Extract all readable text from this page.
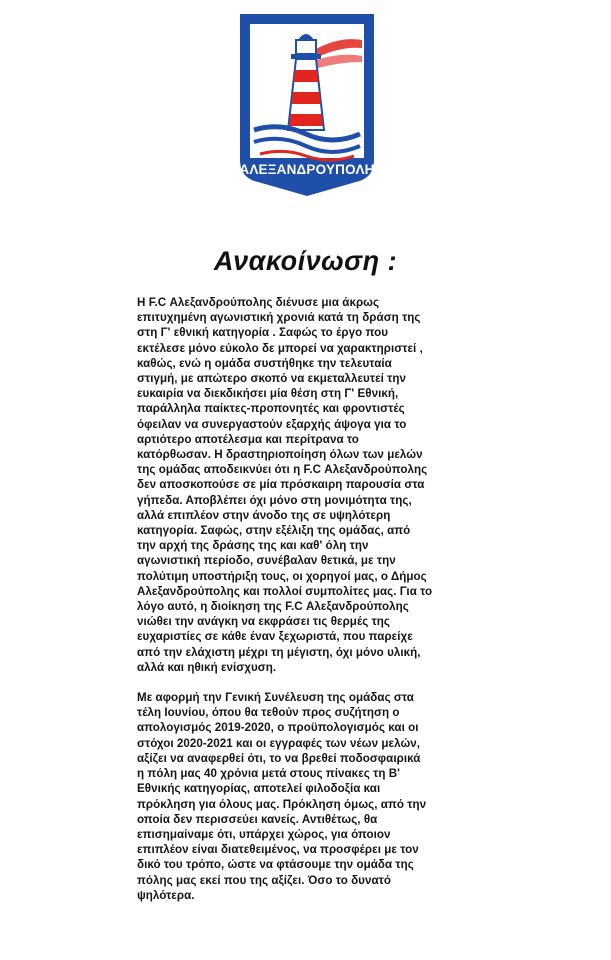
ΑΛΕΞΑΝΔΡΟΥΠΟΛΗ
Ανακοίνωση :

Η F.C Αλεξανδρούπολης διένυσε μια άκρως
επιτυχημένη αγωνιστική χρονιά κατά τη δράση της
στη Γ' εθνική κατηγορία . Σαφώς το έργο που
εκτέλεσε μόνο εύκολο δε μπορεί να χαρακτηριστεί ,
καθώς, ενώ η ομάδα συστήθηκε την τελευταία
στιγμή, με απώτερο σκοπό να εκμεταλλευτεί την
ευκαιρία να διεκδικήσει μία θέση στη Γ' Εθνική,
παράλληλα παίκτες-προπονητές και φροντιστές
όφειλαν να συνεργαστούν εξαρχής άψογα για το
αρτιότερο αποτέλεσμα και περίτρανα το
κατόρθωσαν. Η δραστηριοποίηση όλων των μελών
της ομάδας αποδεικνύει ότι η F.C Αλεξανδρούπολης
δεν αποσκοπούσε σε μία πρόσκαιρη παρουσία στα
γήπεδα. Αποβλέπει όχι μόνο στη μονιμότητα της,
αλλά επιπλέον στην άνοδο της σε υψηλότερη
κατηγορία. Σαφώς, στην εξέλιξη της ομάδας, από
την αρχή της δράσης της και καθ' όλη την
αγωνιστική περίοδο, συνέβαλαν θετικά, με την
πολύτιμη υποστήριξη τους, οι χορηγοί μας, ο Δήμος
Αλεξανδρούπολης και πολλοί συμπολίτες μας. Για το
λόγο αυτό, η διοίκηση της F.C Αλεξανδρούπολης
νιώθει την ανάγκη να εκφράσει τις θερμές της
ευχαριστίες σε κάθε έναν ξεχωριστά, που παρείχε
από την ελάχιστη μέχρι τη μέγιστη, όχι μόνο υλική,
αλλά και ηθική ενίσχυση.

Με αφορμή την Γενική Συνέλευση της ομάδας στα
τέλη Ιουνίου, όπου θα τεθούν προς συζήτηση ο
απολογισμός 2019-2020, ο προϋπολογισμός και οι
στόχοι 2020-2021 και οι εγγραφές των νέων μελών,
αξίζει να αναφερθεί ότι, το να βρεθεί ποδοσφαιρικά
η πόλη μας 40 χρόνια μετά στους πίνακες τη Β'
Εθνικής κατηγορίας, αποτελεί φιλοδοξία και
πρόκληση για όλους μας. Πρόκληση όμως, από την
οποία δεν περισσεύει κανείς. Αντιθέτως, θα
επισημαίναμε ότι, υπάρχει χώρος, για όποιον
επιπλέον είναι διατεθειμένος, να προσφέρει με τον
δικό του τρόπο, ώστε να φτάσουμε την ομάδα της
πόλης μας εκεί που της αξίζει. Όσο το δυνατό
ψηλότερα.
